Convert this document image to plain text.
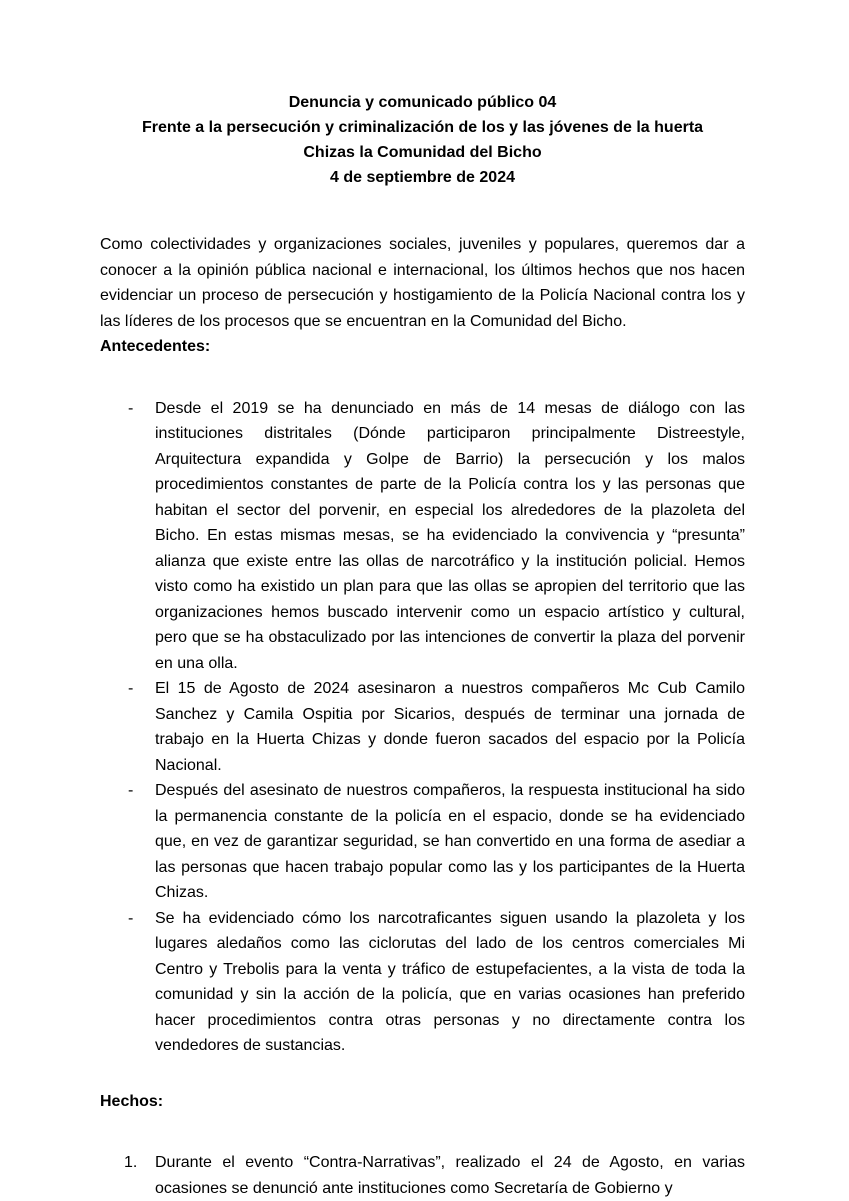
Denuncia y comunicado público 04
Frente a la persecución y criminalización de los y las jóvenes de la huerta
Chizas la Comunidad del Bicho
4 de septiembre de 2024

Como colectividades y organizaciones sociales, juveniles y populares, queremos dar a conocer a la opinión pública nacional e internacional, los últimos hechos que nos hacen evidenciar un proceso de persecución y hostigamiento de la Policía Nacional contra los y las líderes de los procesos que se encuentran en la Comunidad del Bicho.

Antecedentes:
- Desde el 2019 se ha denunciado en más de 14 mesas de diálogo con las instituciones distritales (Dónde participaron principalmente Distreestyle, Arquitectura expandida y Golpe de Barrio) la persecución y los malos procedimientos constantes de parte de la Policía contra los y las personas que habitan el sector del porvenir, en especial los alrededores de la plazoleta del Bicho. En estas mismas mesas, se ha evidenciado la convivencia y “presunta” alianza que existe entre las ollas de narcotráfico y la institución policial. Hemos visto como ha existido un plan para que las ollas se apropien del territorio que las organizaciones hemos buscado intervenir como un espacio artístico y cultural, pero que se ha obstaculizado por las intenciones de convertir la plaza del porvenir en una olla.
- El 15 de Agosto de 2024 asesinaron a nuestros compañeros Mc Cub Camilo Sanchez y Camila Ospitia por Sicarios, después de terminar una jornada de trabajo en la Huerta Chizas y donde fueron sacados del espacio por la Policía Nacional.
- Después del asesinato de nuestros compañeros, la respuesta institucional ha sido la permanencia constante de la policía en el espacio, donde se ha evidenciado que, en vez de garantizar seguridad, se han convertido en una forma de asediar a las personas que hacen trabajo popular como las y los participantes de la Huerta Chizas.
- Se ha evidenciado cómo los narcotraficantes siguen usando la plazoleta y los lugares aledaños como las ciclorutas del lado de los centros comerciales Mi Centro y Trebolis para la venta y tráfico de estupefacientes, a la vista de toda la comunidad y sin la acción de la policía, que en varias ocasiones han preferido hacer procedimientos contra otras personas y no directamente contra los vendedores de sustancias.
Hechos:
1. Durante el evento “Contra-Narrativas”, realizado el 24 de Agosto, en varias ocasiones se denunció ante instituciones como Secretaría de Gobierno y
